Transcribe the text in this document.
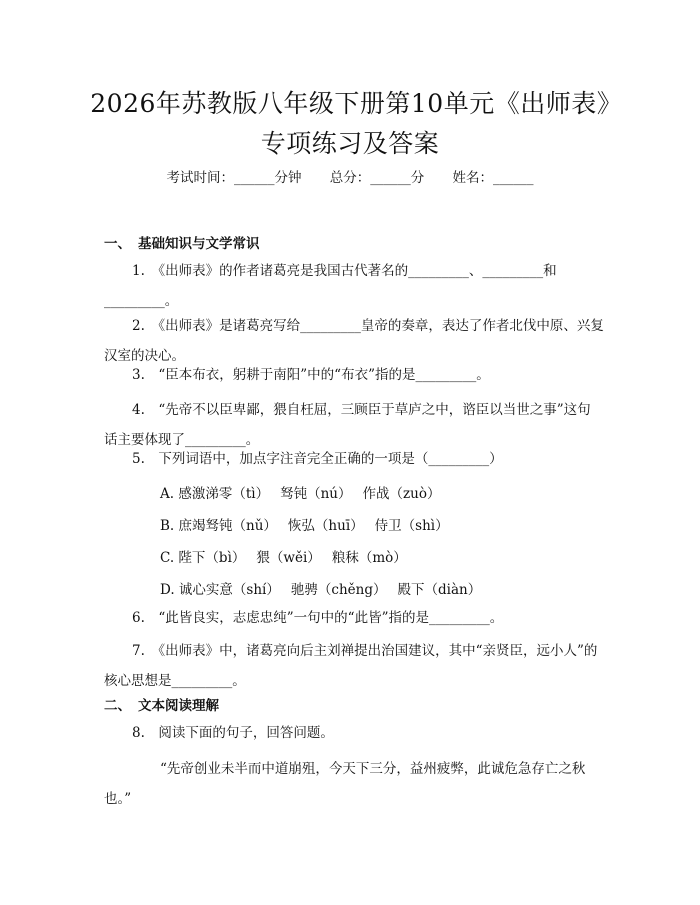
2026年苏教版八年级下册第10单元《出师表》专项练习及答案
考试时间：______分钟 总分：______分 姓名：______
一、 基础知识与文学常识
1.　《出师表》的作者诸葛亮是我国古代著名的_________、_________和_________。
2.　《出师表》是诸葛亮写给_________皇帝的奏章，表达了作者北伐中原、兴复汉室的决心。
3.　“臣本布衣，躬耕于南阳”中的“布衣”指的是_________。
4.　“先帝不以臣卑鄙，猥自枉屈，三顾臣于草庐之中，谘臣以当世之事”这句话主要体现了_________。
5.　下列词语中，加点字注音完全正确的一项是（_________）
A. 感激涕零（tì）　 驽钝（nú）　 作战（zuò）
B. 庶竭驽钝（nǔ）　 恢弘（huī）　 侍卫（shì）
C. 陛下（bì）　 猥（wěi）　 粮秣（mò）
D. 诚心实意（shí）　 驰骋（chěng）　 殿下（diàn）
6.　“此皆良实，志虑忠纯”一句中的“此皆”指的是_________。
7.　《出师表》中，诸葛亮向后主刘禅提出治国建议，其中“亲贤臣，远小人”的核心思想是_________。
二、 文本阅读理解
8.　阅读下面的句子，回答问题。
“先帝创业未半而中道崩殂，今天下三分，益州疲弊，此诚危急存亡之秋也。”
